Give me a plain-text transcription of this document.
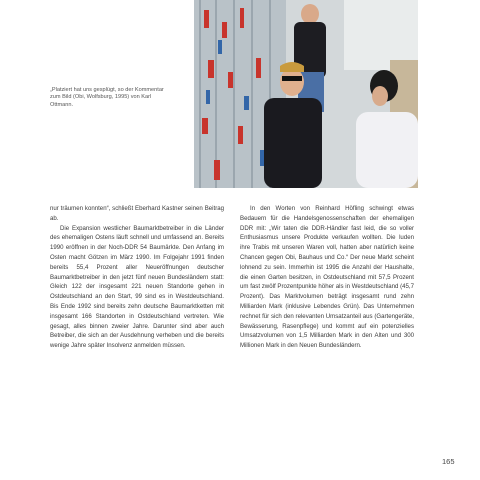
„Platziert hat uns gesplügt, so der Kommentar zum Bild (Obi, Wolfsburg, 1995) von Karl Ottmann.

nur träumen konnten“, schließt Eberhard Kastner seinen Beitrag ab.

Die Expansion westlicher Baumarktbetreiber in die Länder des ehemaligen Ostens läuft schnell und umfassend an. Bereits 1990 eröffnen in der Noch-DDR 54 Baumärkte. Den Anfang im Osten macht Götzen im März 1990. Im Folgejahr 1991 finden bereits 55,4 Prozent aller Neueröffnungen deutscher Baumarktbetreiber in den jetzt fünf neuen Bundesländern statt: Gleich 122 der insgesamt 221 neuen Standorte gehen in Ostdeutschland an den Start, 99 sind es in Westdeutschland. Bis Ende 1992 sind bereits zehn deutsche Baumarktketten mit insgesamt 166 Standorten in Ostdeutschland vertreten. Wie gesagt, alles binnen zweier Jahre. Darunter sind aber auch Betreiber, die sich an der Ausdehnung verheben und die bereits wenige Jahre später Insolvenz anmelden müssen.

In den Worten von Reinhard Höfling schwingt etwas Bedauern für die Handelsgenossenschaften der ehemaligen DDR mit: „Wir taten die DDR-Händler fast leid, die so voller Enthusiasmus unsere Produkte verkaufen wollten. Die luden ihre Trabis mit unseren Waren voll, hatten aber natürlich keine Chancen gegen Obi, Bauhaus und Co.“ Der neue Markt scheint lohnend zu sein. Immerhin ist 1995 die Anzahl der Haushalte, die einen Garten besitzen, in Ostdeutschland mit 57,5 Prozent um fast zwölf Prozentpunkte höher als in Westdeutschland (45,7 Prozent). Das Marktvolumen beträgt insgesamt rund zehn Milliarden Mark (inklusive Lebendes Grün). Das Unternehmen rechnet für sich den relevanten Umsatzanteil aus (Gartengeräte, Bewässerung, Rasenpflege) und kommt auf ein potenzielles Umsatzvolumen von 1,5 Milliarden Mark in den Alten und 300 Millionen Mark in den Neuen Bundesländern.

165
